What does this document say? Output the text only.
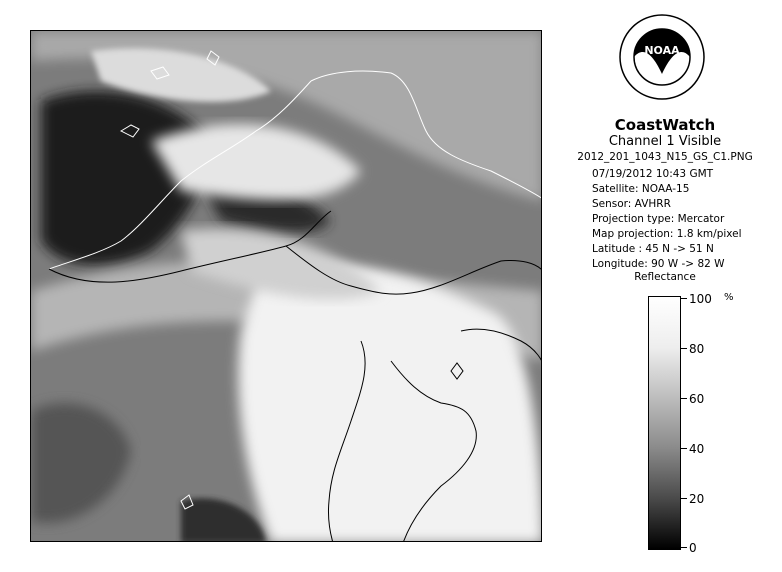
NOAA
CoastWatch
Channel 1 Visible
2012_201_1043_N15_GS_C1.PNG
07/19/2012 10:43 GMT
Satellite: NOAA-15
Sensor: AVHRR
Projection type: Mercator
Map projection: 1.8 km/pixel
Latitude : 45 N -> 51 N
Longitude: 90 W -> 82 W
Reflectance
%
100
80
60
40
20
0
